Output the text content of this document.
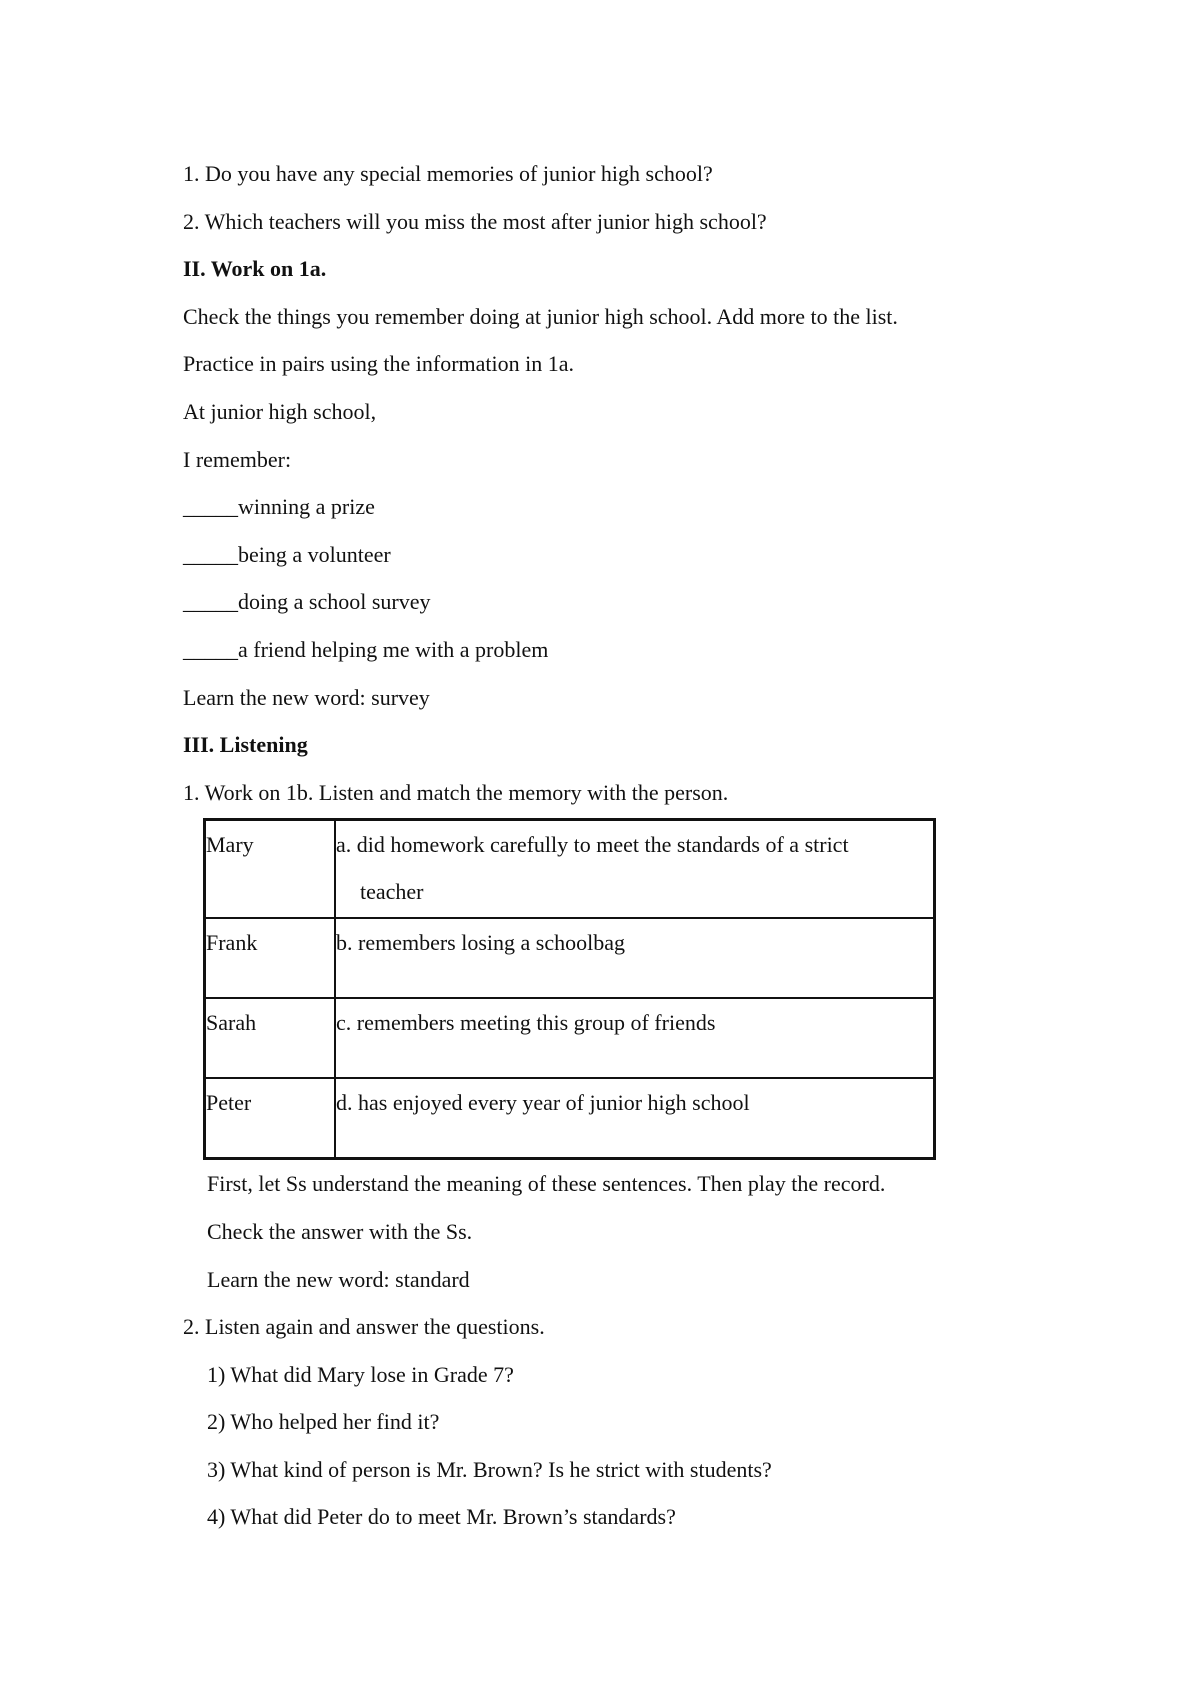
1. Do you have any special memories of junior high school?
2. Which teachers will you miss the most after junior high school?
II. Work on 1a.
Check the things you remember doing at junior high school. Add more to the list.
Practice in pairs using the information in 1a.
At junior high school,
I remember:
_____winning a prize
_____being a volunteer
_____doing a school survey
_____a friend helping me with a problem
Learn the new word: survey
III. Listening
1. Work on 1b. Listen and match the memory with the person.
Mary	a. did homework carefully to meet the standards of a strict
teacher

Frank	b. remembers losing a schoolbag
Sarah	c. remembers meeting this group of friends
Peter	d. has enjoyed every year of junior high school
First, let Ss understand the meaning of these sentences. Then play the record.
Check the answer with the Ss.
Learn the new word: standard
2. Listen again and answer the questions.
1) What did Mary lose in Grade 7?
2) Who helped her find it?
3) What kind of person is Mr. Brown? Is he strict with students?
4) What did Peter do to meet Mr. Brown’s standards?
